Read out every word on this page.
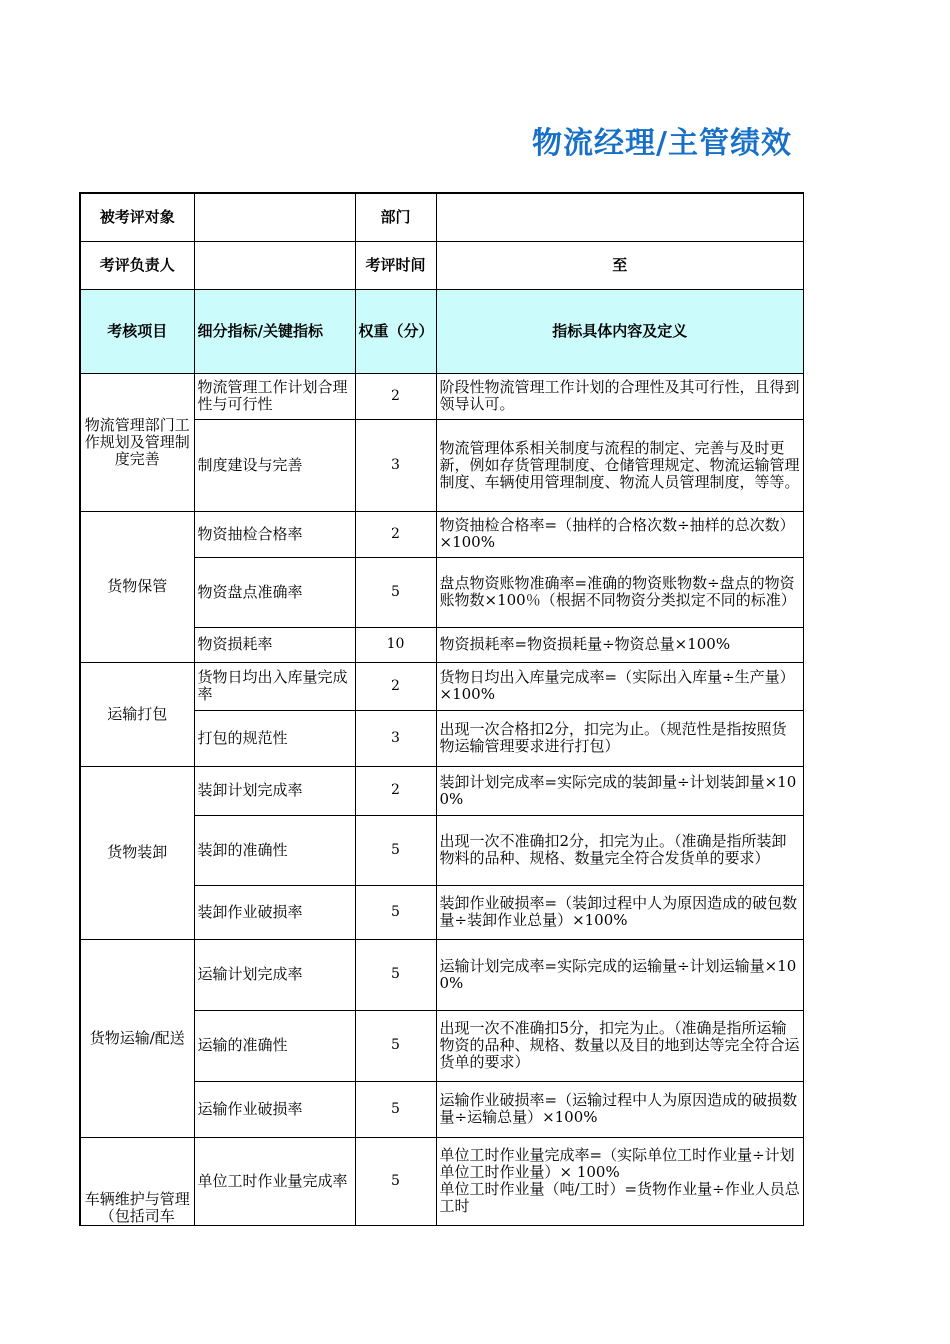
物流经理/主管绩效
被考评对象		部门	
考评负责人		考评时间	至
考核项目	细分指标/关键指标	权重（分）	指标具体内容及定义
物流管理部门工作规划及管理制度完善	物流管理工作计划合理性与可行性	2	阶段性物流管理工作计划的合理性及其可行性，且得到领导认可。
	制度建设与完善	3	物流管理体系相关制度与流程的制定、完善与及时更新，例如存货管理制度、仓储管理规定、物流运输管理制度、车辆使用管理制度、物流人员管理制度，等等。
货物保管	物资抽检合格率	2	物资抽检合格率=（抽样的合格次数÷抽样的总次数）×100%
	物资盘点准确率	5	盘点物资账物准确率=准确的物资账物数÷盘点的物资账物数×100％（根据不同物资分类拟定不同的标准）
	物资损耗率	10	物资损耗率=物资损耗量÷物资总量×100%
运输打包	货物日均出入库量完成率	2	货物日均出入库量完成率=（实际出入库量÷生产量）×100%
	打包的规范性	3	出现一次合格扣2分，扣完为止。（规范性是指按照货物运输管理要求进行打包）
货物装卸	装卸计划完成率	2	装卸计划完成率=实际完成的装卸量÷计划装卸量×100%
	装卸的准确性	5	出现一次不准确扣2分，扣完为止。（准确是指所装卸物料的品种、规格、数量完全符合发货单的要求）
	装卸作业破损率	5	装卸作业破损率=（装卸过程中人为原因造成的破包数量÷装卸作业总量）×100%
货物运输/配送	运输计划完成率	5	运输计划完成率=实际完成的运输量÷计划运输量×100%
	运输的准确性	5	出现一次不准确扣5分，扣完为止。（准确是指所运输物资的品种、规格、数量以及目的地到达等完全符合运货单的要求）
	运输作业破损率	5	运输作业破损率=（运输过程中人为原因造成的破损数量÷运输总量）×100%
车辆维护与管理（包括司车	单位工时作业量完成率	5	单位工时作业量完成率=（实际单位工时作业量÷计划单位工时作业量）× 100%
单位工时作业量（吨/工时）=货物作业量÷作业人员总工时
